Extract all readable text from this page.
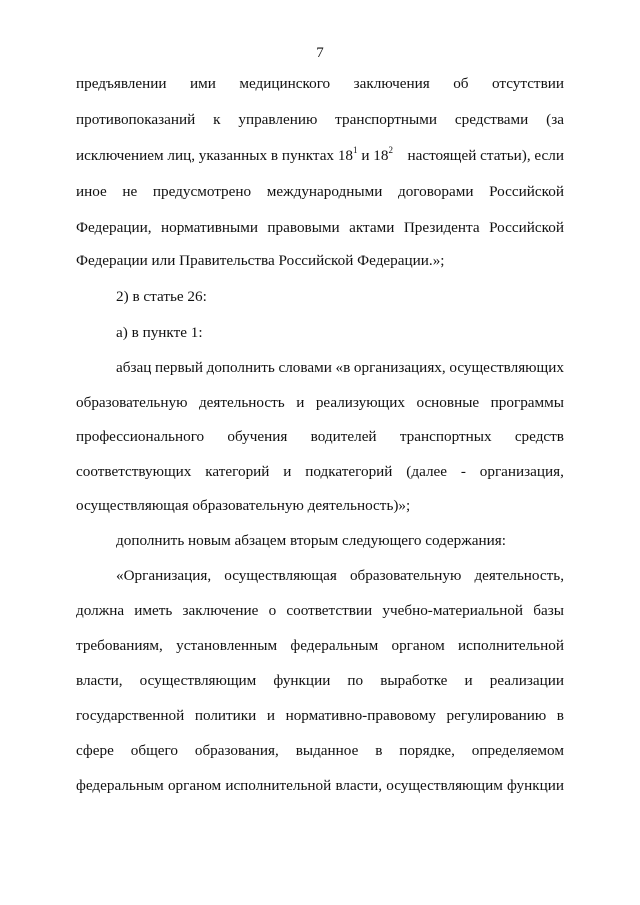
7
предъявлении ими медицинского заключения об отсутствии
противопоказаний к управлению транспортными средствами (за
исключением лиц, указанных в пунктах $18^1$ и $18^2$ настоящей статьи), если
иное не предусмотрено международными договорами Российской
Федерации, нормативными правовыми актами Президента Российской
Федерации или Правительства Российской Федерации.»;
2) в статье 26:
а) в пункте 1:
абзац первый дополнить словами «в организациях, осуществляющих
образовательную деятельность и реализующих основные программы
профессионального обучения водителей транспортных средств
соответствующих категорий и подкатегорий (далее - организация,
осуществляющая образовательную деятельность)»;
дополнить новым абзацем вторым следующего содержания:
«Организация, осуществляющая образовательную деятельность,
должна иметь заключение о соответствии учебно-материальной базы
требованиям, установленным федеральным органом исполнительной
власти, осуществляющим функции по выработке и реализации
государственной политики и нормативно-правовому регулированию в
сфере общего образования, выданное в порядке, определяемом
федеральным органом исполнительной власти, осуществляющим функции
